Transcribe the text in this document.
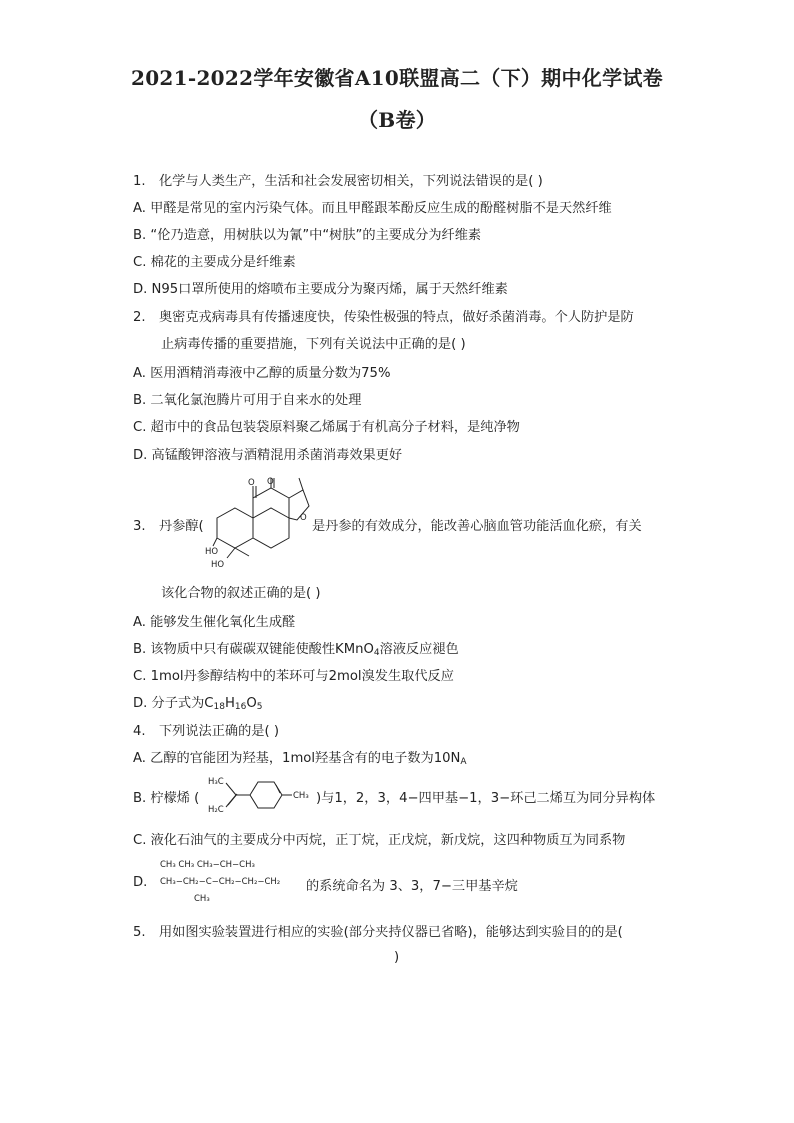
2021-2022学年安徽省A10联盟高二（下）期中化学试卷
（B卷）
1. 化学与人类生产，生活和社会发展密切相关，下列说法错误的是( )
A. 甲醛是常见的室内污染气体。而且甲醛跟苯酚反应生成的酚醛树脂不是天然纤维
B. “伦乃造意，用树肤以为氰”中“树肤”的主要成分为纤维素
C. 棉花的主要成分是纤维素
D. N95口罩所使用的熔喷布主要成分为聚丙烯，属于天然纤维素
2. 奥密克戎病毒具有传播速度快，传染性极强的特点，做好杀菌消毒。个人防护是防
止病毒传播的重要措施，下列有关说法中正确的是( )
A. 医用酒精消毒液中乙醇的质量分数为75%
B. 二氧化氯泡腾片可用于自来水的处理
C. 超市中的食品包装袋原料聚乙烯属于有机高分子材料，是纯净物
D. 高锰酸钾溶液与酒精混用杀菌消毒效果更好
3. 丹参醇(	是丹参的有效成分，能改善心脑血管功能活血化瘀，有关
O O
O
HO
HO
该化合物的叙述正确的是( )
A. 能够发生催化氧化生成醛
B. 该物质中只有碳碳双键能使酸性KMnO$_4$溶液反应褪色
C. 1mol丹参醇结构中的苯环可与2mol溴发生取代反应
D. 分子式为$C_{18}H_{16}O_5$
4. 下列说法正确的是( )
A. 乙醇的官能团为羟基，1mol羟基含有的电子数为$10N_A$
B. 柠檬烯 (
H₃C
H₂C
CH₃ )与1，2，3，4−四甲基−1，3−环己二烯互为同分异构体
C. 液化石油气的主要成分中丙烷，正丁烷，正戊烷，新戊烷，这四种物质互为同系物
D.
CH₃ CH₃ CH₃−CH−CH₃
CH₃−CH₂−C−CH₂−CH₂−CH₂
CH₃
的系统命名为 3、3，7−三甲基辛烷
5. 用如图实验装置进行相应的实验(部分夹持仪器已省略)，能够达到实验目的的是(
)
